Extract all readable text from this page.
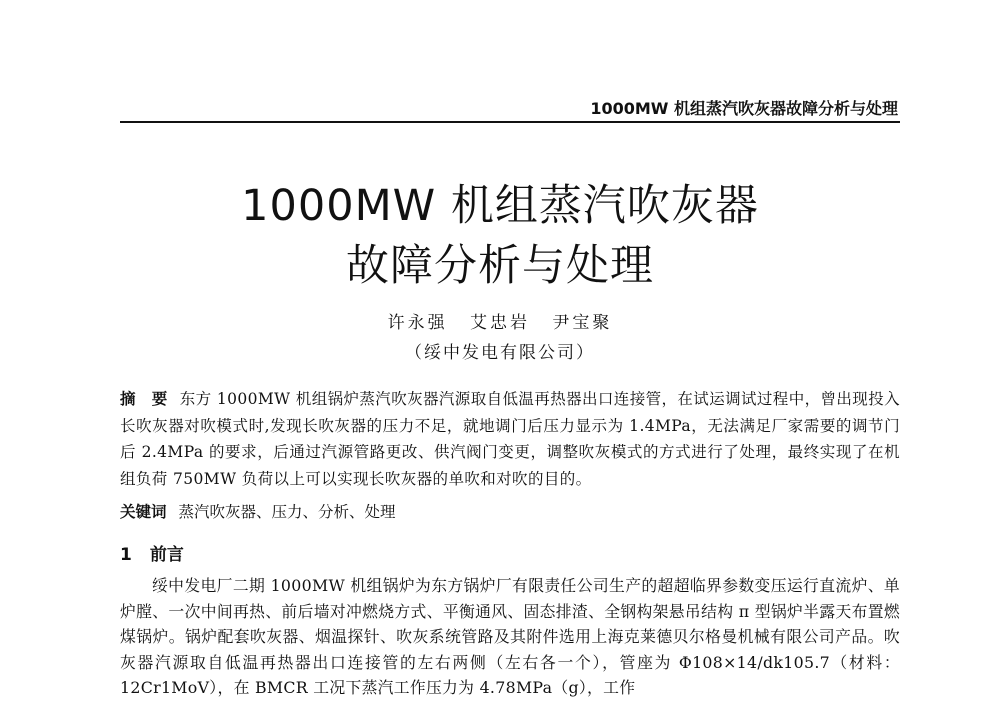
1000MW 机组蒸汽吹灰器故障分析与处理
1000MW 机组蒸汽吹灰器
故障分析与处理
许永强 艾忠岩 尹宝聚
（绥中发电有限公司）
摘　要 东方 1000MW 机组锅炉蒸汽吹灰器汽源取自低温再热器出口连接管，在试运调试过程中，曾出现投入长吹灰器对吹模式时,发现长吹灰器的压力不足，就地调门后压力显示为 1.4MPa，无法满足厂家需要的调节门后 2.4MPa 的要求，后通过汽源管路更改、供汽阀门变更，调整吹灰模式的方式进行了处理，最终实现了在机组负荷 750MW 负荷以上可以实现长吹灰器的单吹和对吹的目的。
关键词 蒸汽吹灰器、压力、分析、处理
1 前言
绥中发电厂二期 1000MW 机组锅炉为东方锅炉厂有限责任公司生产的超超临界参数变压运行直流炉、单炉膛、一次中间再热、前后墙对冲燃烧方式、平衡通风、固态排渣、全钢构架悬吊结构 π 型锅炉半露天布置燃煤锅炉。锅炉配套吹灰器、烟温探针、吹灰系统管路及其附件选用上海克莱德贝尔格曼机械有限公司产品。吹灰器汽源取自低温再热器出口连接管的左右两侧（左右各一个），管座为 Φ108×14/dk105.7（材料：12Cr1MoV），在 BMCR 工况下蒸汽工作压力为 4.78MPa（g），工作
